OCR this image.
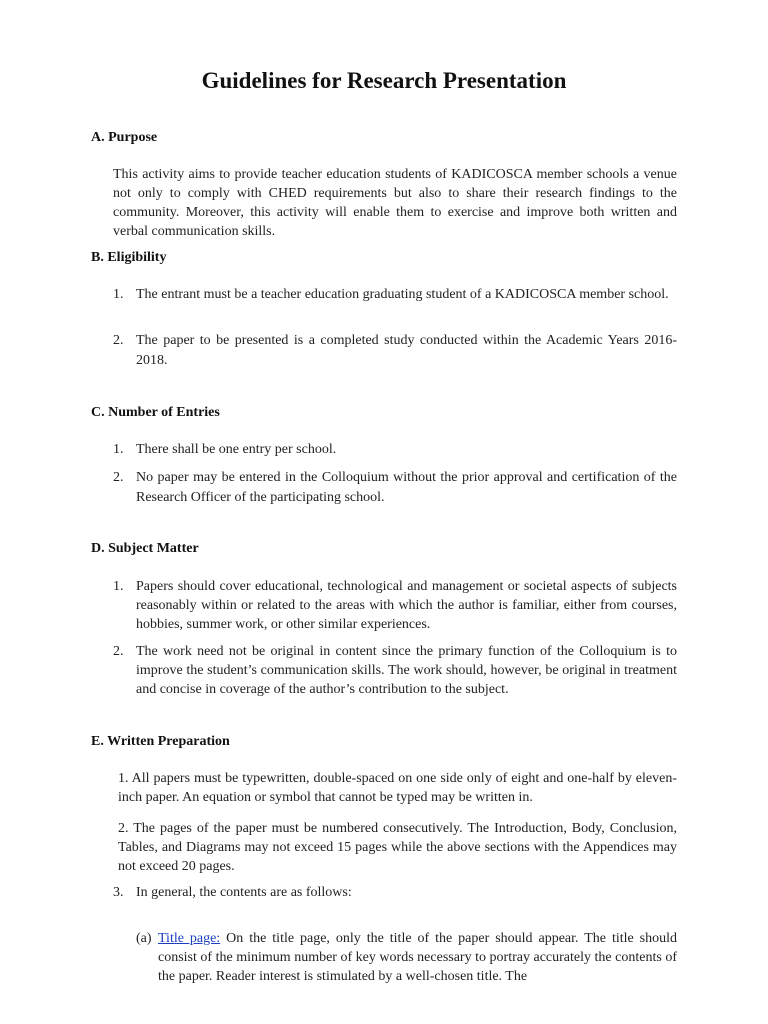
Guidelines for Research Presentation
A. Purpose

This activity aims to provide teacher education students of KADICOSCA member schools a venue not only to comply with CHED requirements but also to share their research findings to the community. Moreover, this activity will enable them to exercise and improve both written and verbal communication skills.

B. Eligibility
1. The entrant must be a teacher education graduating student of a KADICOSCA member school.
2. The paper to be presented is a completed study conducted within the Academic Years 2016-2018.
C. Number of Entries
1. There shall be one entry per school.
2. No paper may be entered in the Colloquium without the prior approval and certification of the Research Officer of the participating school.
D. Subject Matter
1. Papers should cover educational, technological and management or societal aspects of subjects reasonably within or related to the areas with which the author is familiar, either from courses, hobbies, summer work, or other similar experiences.
2. The work need not be original in content since the primary function of the Colloquium is to improve the student’s communication skills. The work should, however, be original in treatment and concise in coverage of the author’s contribution to the subject.
E. Written Preparation

1. All papers must be typewritten, double-spaced on one side only of eight and one-half by eleven-inch paper. An equation or symbol that cannot be typed may be written in.

2. The pages of the paper must be numbered consecutively. The Introduction, Body, Conclusion, Tables, and Diagrams may not exceed 15 pages while the above sections with the Appendices may not exceed 20 pages.

3. In general, the contents are as follows:
(a) Title page: On the title page, only the title of the paper should appear. The title should consist of the minimum number of key words necessary to portray accurately the contents of the paper. Reader interest is stimulated by a well-chosen title. The
